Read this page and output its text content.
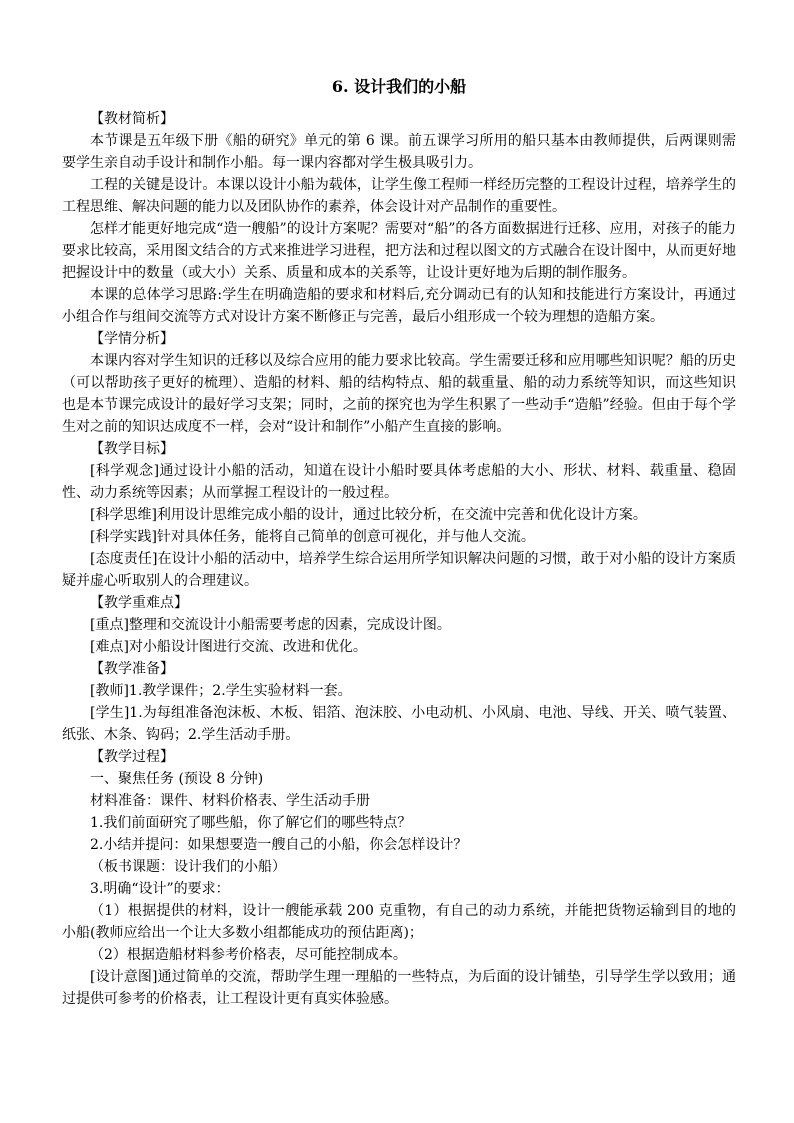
6. 设计我们的小船
【教材简析】

本节课是五年级下册《船的研究》单元的第 6 课。前五课学习所用的船只基本由教师提供，后两课则需要学生亲自动手设计和制作小船。每一课内容都对学生极具吸引力。

工程的关键是设计。本课以设计小船为载体，让学生像工程师一样经历完整的工程设计过程，培养学生的工程思维、解决问题的能力以及团队协作的素养，体会设计对产品制作的重要性。

怎样才能更好地完成“造一艘船”的设计方案呢？需要对“船”的各方面数据进行迁移、应用，对孩子的能力要求比较高，采用图文结合的方式来推进学习进程，把方法和过程以图文的方式融合在设计图中，从而更好地把握设计中的数量（或大小）关系、质量和成本的关系等，让设计更好地为后期的制作服务。

本课的总体学习思路:学生在明确造船的要求和材料后,充分调动已有的认知和技能进行方案设计，再通过小组合作与组间交流等方式对设计方案不断修正与完善，最后小组形成一个较为理想的造船方案。

【学情分析】

本课内容对学生知识的迁移以及综合应用的能力要求比较高。学生需要迁移和应用哪些知识呢？船的历史（可以帮助孩子更好的梳理）、造船的材料、船的结构特点、船的载重量、船的动力系统等知识，而这些知识也是本节课完成设计的最好学习支架；同时，之前的探究也为学生积累了一些动手“造船”经验。但由于每个学生对之前的知识达成度不一样，会对“设计和制作”小船产生直接的影响。

【教学目标】

[科学观念]通过设计小船的活动，知道在设计小船时要具体考虑船的大小、形状、材料、载重量、稳固性、动力系统等因素；从而掌握工程设计的一般过程。

[科学思维]利用设计思维完成小船的设计，通过比较分析，在交流中完善和优化设计方案。

[科学实践]针对具体任务，能将自己简单的创意可视化，并与他人交流。

[态度责任]在设计小船的活动中，培养学生综合运用所学知识解决问题的习惯，敢于对小船的设计方案质疑并虚心听取别人的合理建议。

【教学重难点】

[重点]整理和交流设计小船需要考虑的因素，完成设计图。

[难点]对小船设计图进行交流、改进和优化。

【教学准备】

[教师]1.教学课件；2.学生实验材料一套。

[学生]1.为每组准备泡沫板、木板、铝箔、泡沫胶、小电动机、小风扇、电池、导线、开关、喷气装置、纸张、木条、钩码；2.学生活动手册。

【教学过程】

一、聚焦任务 (预设 8 分钟)

材料准备：课件、材料价格表、学生活动手册

1.我们前面研究了哪些船，你了解它们的哪些特点？

2.小结并提问：如果想要造一艘自己的小船，你会怎样设计？

（板书课题：设计我们的小船）

3.明确“设计”的要求：

（1）根据提供的材料，设计一艘能承载 200 克重物，有自己的动力系统，并能把货物运输到目的地的小船(教师应给出一个让大多数小组都能成功的预估距离)；

（2）根据造船材料参考价格表，尽可能控制成本。

[设计意图]通过简单的交流，帮助学生理一理船的一些特点，为后面的设计铺垫，引导学生学以致用；通过提供可参考的价格表，让工程设计更有真实体验感。
